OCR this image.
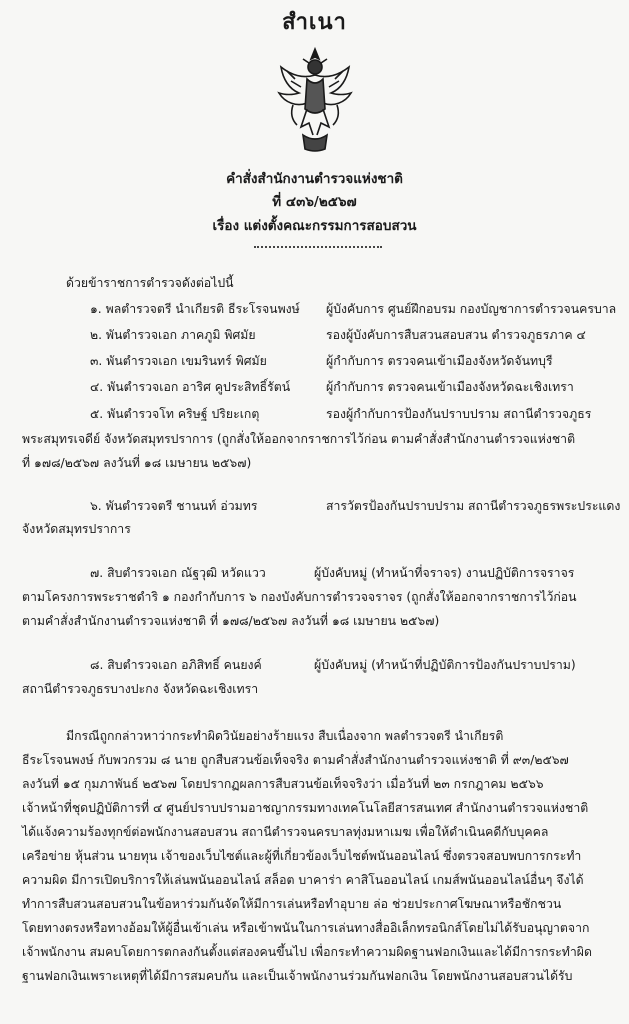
สำเนา
คำสั่งสำนักงานตำรวจแห่งชาติ
ที่ ๔๓๖/๒๕๖๗
เรื่อง แต่งตั้งคณะกรรมการสอบสวน
ด้วยข้าราชการตำรวจดังต่อไปนี้
๑. พลตำรวจตรี นำเกียรติ ธีระโรจนพงษ์ ผู้บังคับการ ศูนย์ฝึกอบรม กองบัญชาการตำรวจนครบาล
๒. พันตำรวจเอก ภาคภูมิ พิศมัย	รองผู้บังคับการสืบสวนสอบสวน ตำรวจภูธรภาค ๔
๓. พันตำรวจเอก เขมรินทร์ พิศมัย	ผู้กำกับการ ตรวจคนเข้าเมืองจังหวัดจันทบุรี
๔. พันตำรวจเอก อาริศ คูประสิทธิ์รัตน์	ผู้กำกับการ ตรวจคนเข้าเมืองจังหวัดฉะเชิงเทรา
๕. พันตำรวจโท คริษฐ์ ปริยะเกตุ	รองผู้กำกับการป้องกันปราบปราม สถานีตำรวจภูธร
พระสมุทรเจดีย์ จังหวัดสมุทรปราการ (ถูกสั่งให้ออกจากราชการไว้ก่อน ตามคำสั่งสำนักงานตำรวจแห่งชาติ
ที่ ๑๗๘/๒๕๖๗ ลงวันที่ ๑๘ เมษายน ๒๕๖๗)
๖. พันตำรวจตรี ชานนท์ อ่วมทร	สารวัตรป้องกันปราบปราม สถานีตำรวจภูธรพระประแดง
จังหวัดสมุทรปราการ
๗. สิบตำรวจเอก ณัฐวุฒิ หวัดแวว	ผู้บังคับหมู่ (ทำหน้าที่จราจร) งานปฏิบัติการจราจร
ตามโครงการพระราชดำริ ๑ กองกำกับการ ๖ กองบังคับการตำรวจจราจร (ถูกสั่งให้ออกจากราชการไว้ก่อน
ตามคำสั่งสำนักงานตำรวจแห่งชาติ ที่ ๑๗๘/๒๕๖๗ ลงวันที่ ๑๘ เมษายน ๒๕๖๗)
๘. สิบตำรวจเอก อภิสิทธิ์ คนยงค์	ผู้บังคับหมู่ (ทำหน้าที่ปฏิบัติการป้องกันปราบปราม)
สถานีตำรวจภูธรบางปะกง จังหวัดฉะเชิงเทรา
มีกรณีถูกกล่าวหาว่ากระทำผิดวินัยอย่างร้ายแรง สืบเนื่องจาก พลตำรวจตรี นำเกียรติ
ธีระโรจนพงษ์ กับพวกรวม ๘ นาย ถูกสืบสวนข้อเท็จจริง ตามคำสั่งสำนักงานตำรวจแห่งชาติ ที่ ๙๓/๒๕๖๗
ลงวันที่ ๑๕ กุมภาพันธ์ ๒๕๖๗ โดยปรากฏผลการสืบสวนข้อเท็จจริงว่า เมื่อวันที่ ๒๓ กรกฎาคม ๒๕๖๖
เจ้าหน้าที่ชุดปฏิบัติการที่ ๔ ศูนย์ปราบปรามอาชญากรรมทางเทคโนโลยีสารสนเทศ สำนักงานตำรวจแห่งชาติ
ได้แจ้งความร้องทุกข์ต่อพนักงานสอบสวน สถานีตำรวจนครบาลทุ่งมหาเมฆ เพื่อให้ดำเนินคดีกับบุคคล
เครือข่าย หุ้นส่วน นายทุน เจ้าของเว็บไซต์และผู้ที่เกี่ยวข้องเว็บไซต์พนันออนไลน์ ซึ่งตรวจสอบพบการกระทำ
ความผิด มีการเปิดบริการให้เล่นพนันออนไลน์ สล็อต บาคาร่า คาสิโนออนไลน์ เกมส์พนันออนไลน์อื่นๆ จึงได้
ทำการสืบสวนสอบสวนในข้อหาร่วมกันจัดให้มีการเล่นหรือทำอุบาย ล่อ ช่วยประกาศโฆษณาหรือชักชวน
โดยทางตรงหรือทางอ้อมให้ผู้อื่นเข้าเล่น หรือเข้าพนันในการเล่นทางสื่ออิเล็กทรอนิกส์โดยไม่ได้รับอนุญาตจาก
เจ้าพนักงาน สมคบโดยการตกลงกันตั้งแต่สองคนขึ้นไป เพื่อกระทำความผิดฐานฟอกเงินและได้มีการกระทำผิด
ฐานฟอกเงินเพราะเหตุที่ได้มีการสมคบกัน และเป็นเจ้าพนักงานร่วมกันฟอกเงิน โดยพนักงานสอบสวนได้รับ
